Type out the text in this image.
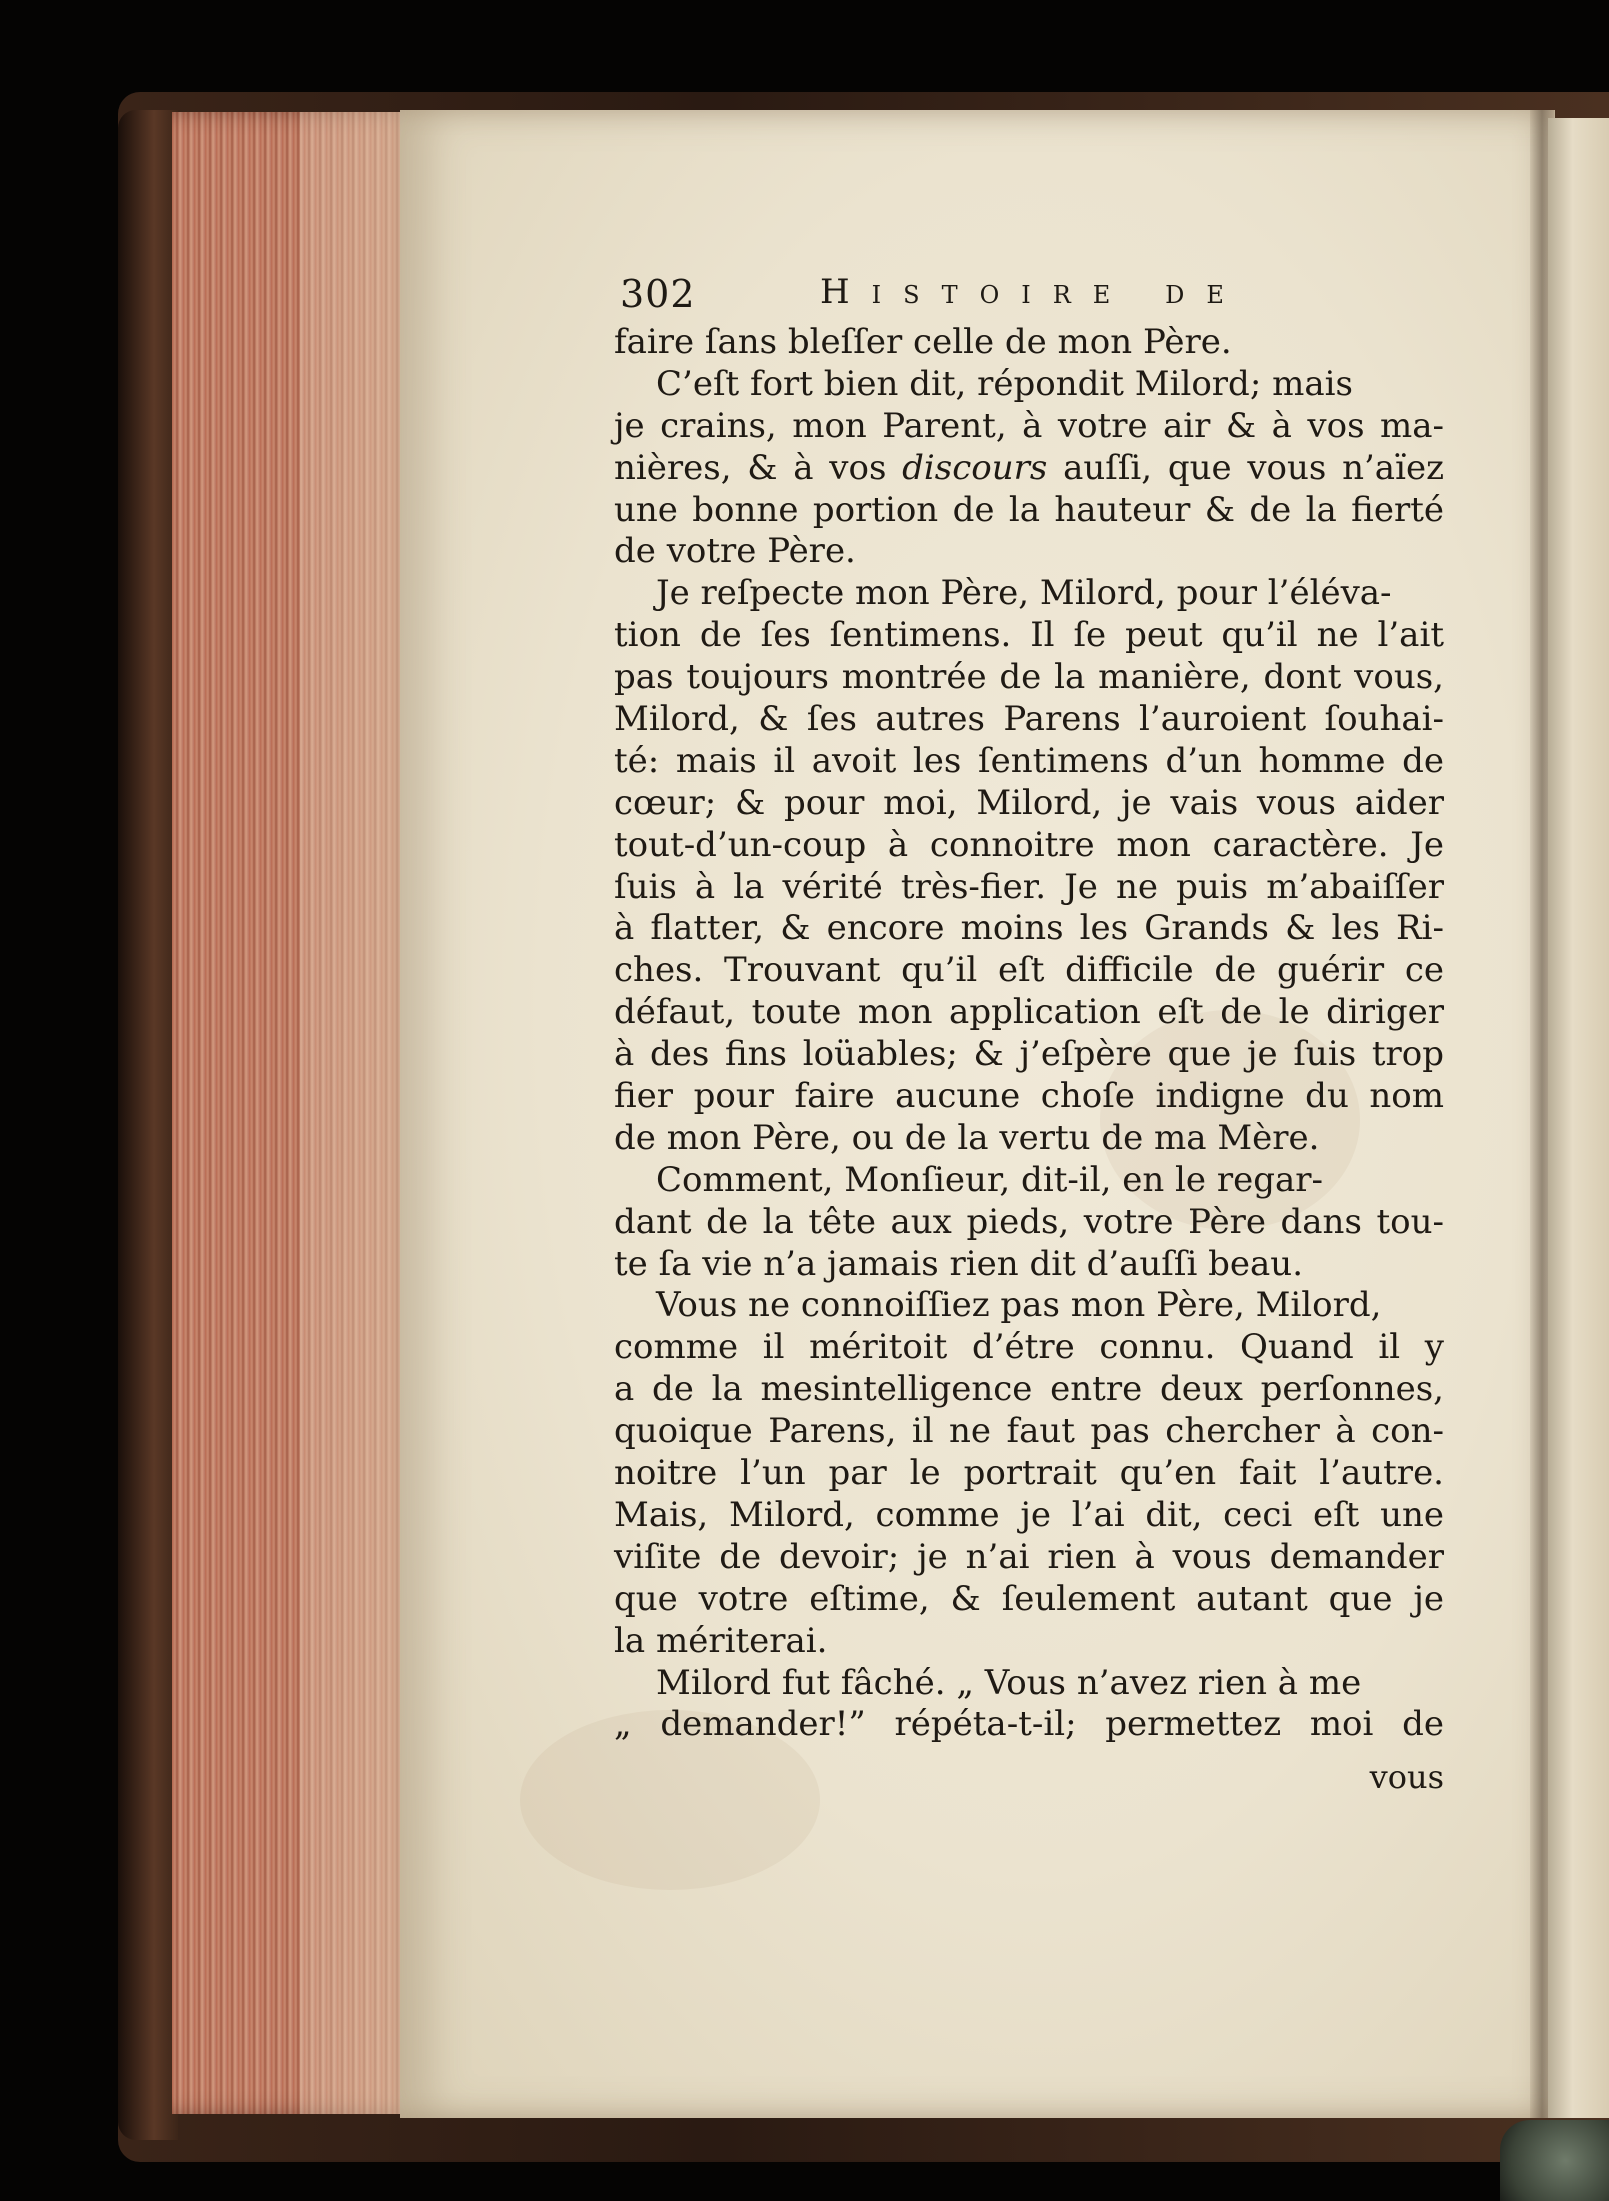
302	Histoire de
faire ſans bleſſer celle de mon Père.
C’eſt fort bien dit, répondit Milord; mais
je crains, mon Parent, à votre air & à vos ma-
nières, & à vos discours auſſi, que vous n’aïez
une bonne portion de la hauteur & de la fierté
de votre Père.
Je reſpecte mon Père, Milord, pour l’éléva-
tion de ſes ſentimens. Il ſe peut qu’il ne l’ait
pas toujours montrée de la manière, dont vous,
Milord, & ſes autres Parens l’auroient ſouhai-
té: mais il avoit les ſentimens d’un homme de
cœur; & pour moi, Milord, je vais vous aider
tout-d’un-coup à connoitre mon caractère. Je
ſuis à la vérité très-fier. Je ne puis m’abaiſſer
à flatter, & encore moins les Grands & les Ri-
ches. Trouvant qu’il eſt difficile de guérir ce
défaut, toute mon application eſt de le diriger
à des fins loüables; & j’eſpère que je ſuis trop
fier pour faire aucune choſe indigne du nom
de mon Père, ou de la vertu de ma Mère.
Comment, Monſieur, dit-il, en le regar-
dant de la tête aux pieds, votre Père dans tou-
te ſa vie n’a jamais rien dit d’auſſi beau.
Vous ne connoiſſiez pas mon Père, Milord,
comme il méritoit d’étre connu. Quand il y
a de la mesintelligence entre deux perſonnes,
quoique Parens, il ne faut pas chercher à con-
noitre l’un par le portrait qu’en fait l’autre.
Mais, Milord, comme je l’ai dit, ceci eſt une
viſite de devoir; je n’ai rien à vous demander
que votre eſtime, & ſeulement autant que je
la mériterai.
Milord fut fâché. „ Vous n’avez rien à me
„ demander!” répéta-t-il; permettez moi de
vous
